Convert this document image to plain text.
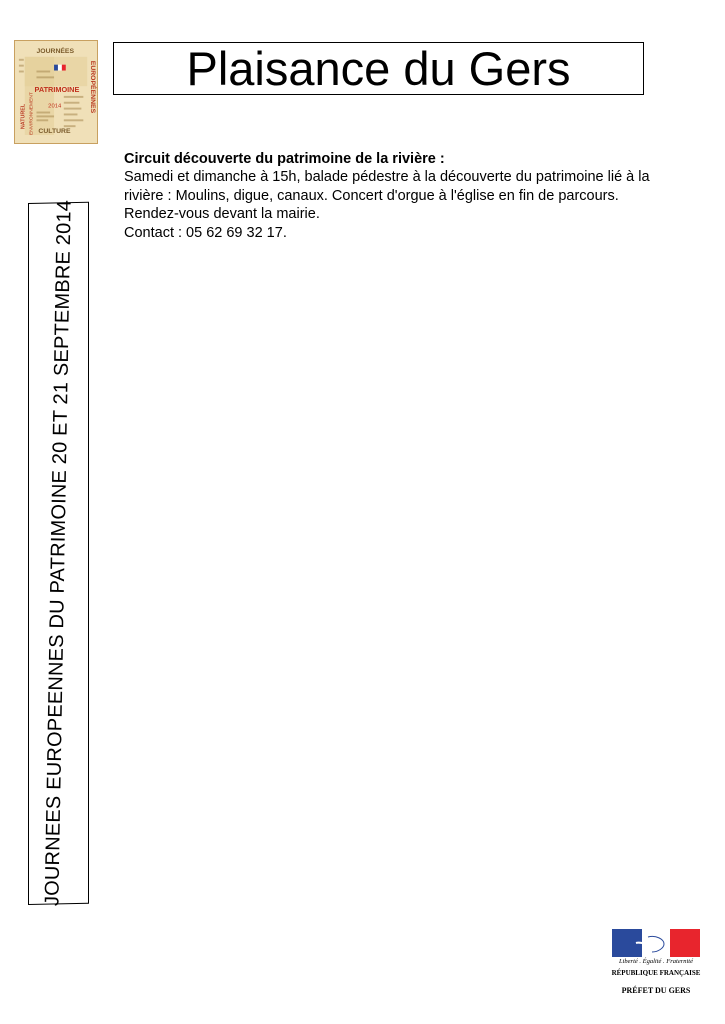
JOURNÉES
EUROPÉENNES
PATRIMOINE
2014
CULTURE
NATUREL ENVIRONNEMENT
Plaisance du Gers

Circuit découverte du patrimoine de la rivière :

Samedi et dimanche à 15h, balade pédestre à la découverte du patrimoine lié à la

rivière : Moulins, digue, canaux. Concert d'orgue à l'église en fin de parcours.

Rendez-vous devant la mairie.

Contact : 05 62 69 32 17.

JOURNEES EUROPEENNES DU PATRIMOINE 20 ET 21 SEPTEMBRE 2014
Liberté . Égalité . Fraternité
RÉPUBLIQUE FRANÇAISE
PRÉFET DU GERS
